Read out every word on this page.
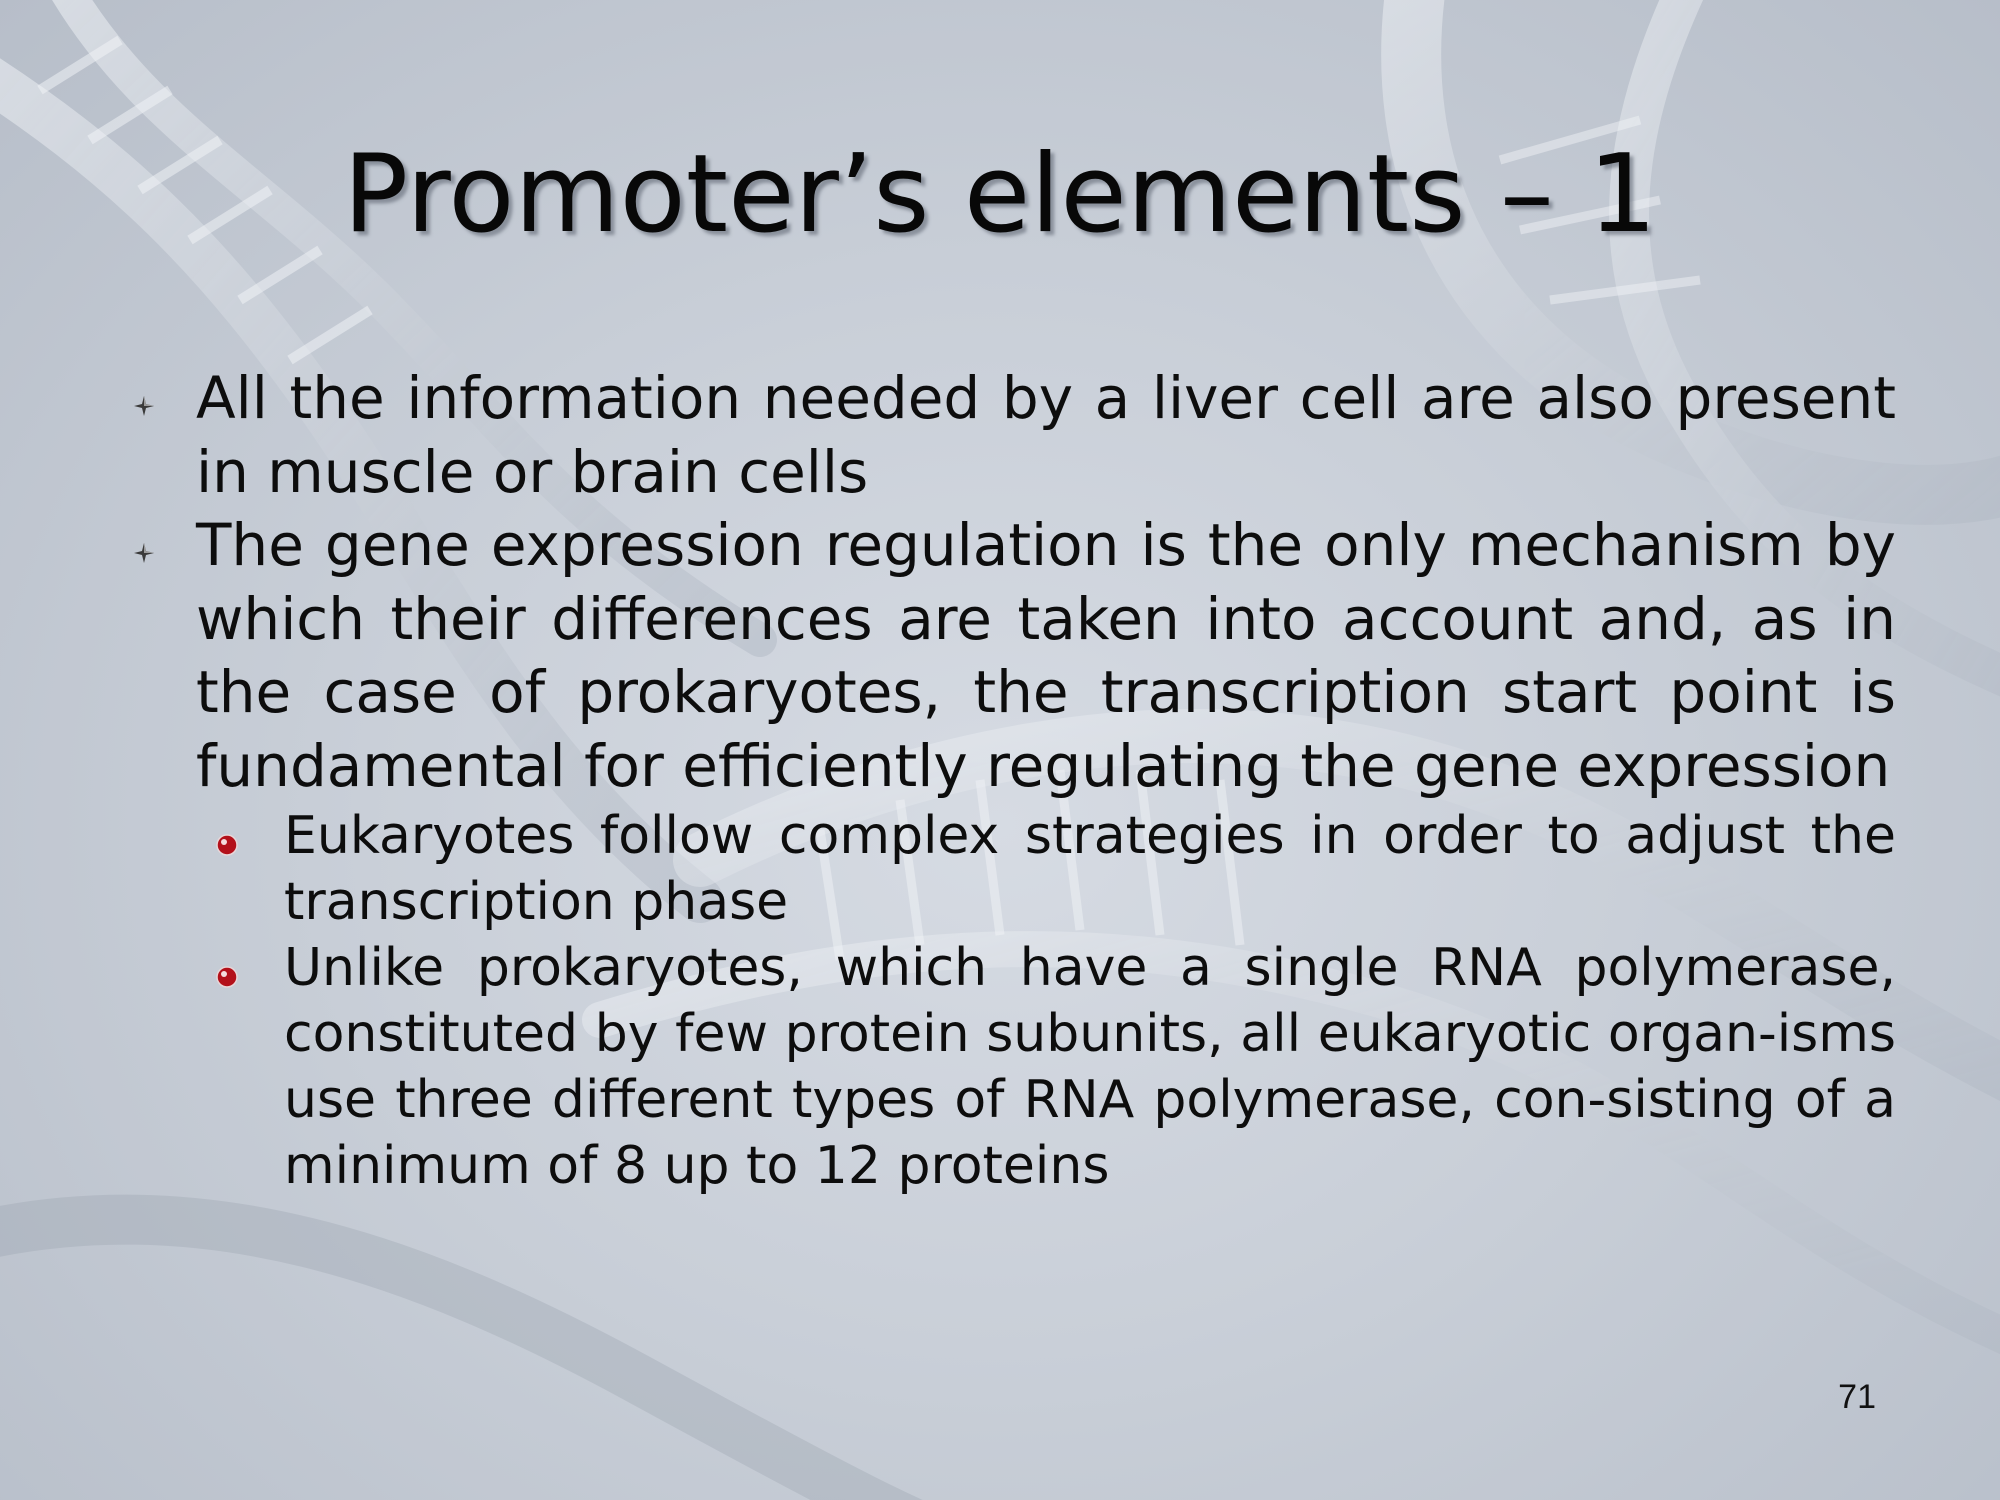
Promoter’s elements – 1
All the information needed by a liver cell are also present in muscle or brain cells
The gene expression regulation is the only mechanism by which their differences are taken into account and, as in the case of prokaryotes, the transcription start point is fundamental for efficiently regulating the gene expression
Eukaryotes follow complex strategies in order to adjust the transcription phase
Unlike prokaryotes, which have a single RNA polymerase, constituted by few protein subunits, all eukaryotic organ-isms use three different types of RNA polymerase, con-sisting of a minimum of 8 up to 12 proteins
71
